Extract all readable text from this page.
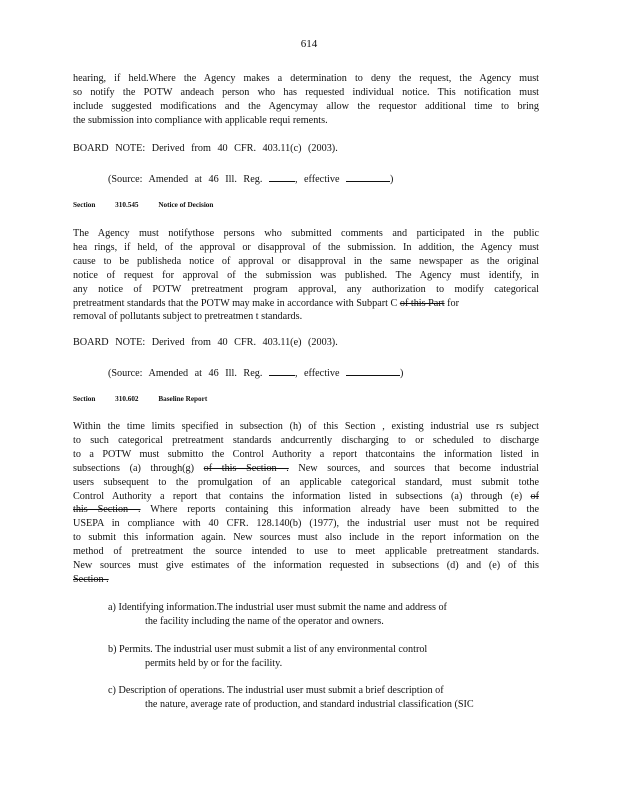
614
hearing, if held.Where the Agency makes a determination to deny the request, the Agency must
so notify the POTW andeach person who has requested individual notice. This notification must
include suggested modifications and the Agencymay allow the requestor additional time to bring
the submission into compliance with applicable requi rements.
BOARD NOTE: Derived from 40 CFR. 403.11(c) (2003).
(Source: Amended at 46 Ill. Reg.	, effective	)
Section	310.545	Notice of Decision
The Agency must notifythose persons who submitted comments and participated in the public
hea rings, if held, of the approval or disapproval of the submission. In addition, the Agency must
cause to be publisheda notice of approval or disapproval in the same newspaper as the original
notice of request for approval of the submission was published. The Agency must identify, in
any notice of POTW pretreatment program approval, any authorization to modify categorical
pretreatment standards that the POTW may make in accordance with Subpart C of this Part for
removal of pollutants subject to pretreatmen t standards.
BOARD NOTE: Derived from 40 CFR. 403.11(e) (2003).
(Source: Amended at 46 Ill. Reg.	, effective	)
Section	310.602	Baseline Report
Within the time limits specified in subsection (h) of this Section , existing industrial use rs subject
to such categorical pretreatment standards andcurrently discharging to or scheduled to discharge
to a POTW must submitto the Control Authority a report thatcontains the information listed in
subsections (a) through(g) of this Section . New sources, and sources that become industrial
users subsequent to the promulgation of an applicable categorical standard, must submit tothe
Control Authority a report that contains the information listed in subsections (a) through (e) of
this Section . Where reports containing this information already have been submitted to the
USEPA in compliance with 40 CFR. 128.140(b) (1977), the industrial user must not be required
to submit this information again. New sources must also include in the report information on the
method of pretreatment the source intended to use to meet applicable pretreatment standards.
New sources must give estimates of the information requested in subsections (d) and (e) of this
Section .
a) Identifying information.The industrial user must submit the name and address of
the facility including the name of the operator and owners.
b) Permits. The industrial user must submit a list of any environmental control
permits held by or for the facility.
c) Description of operations. The industrial user must submit a brief description of
the nature, average rate of production, and standard industrial classification (SIC
